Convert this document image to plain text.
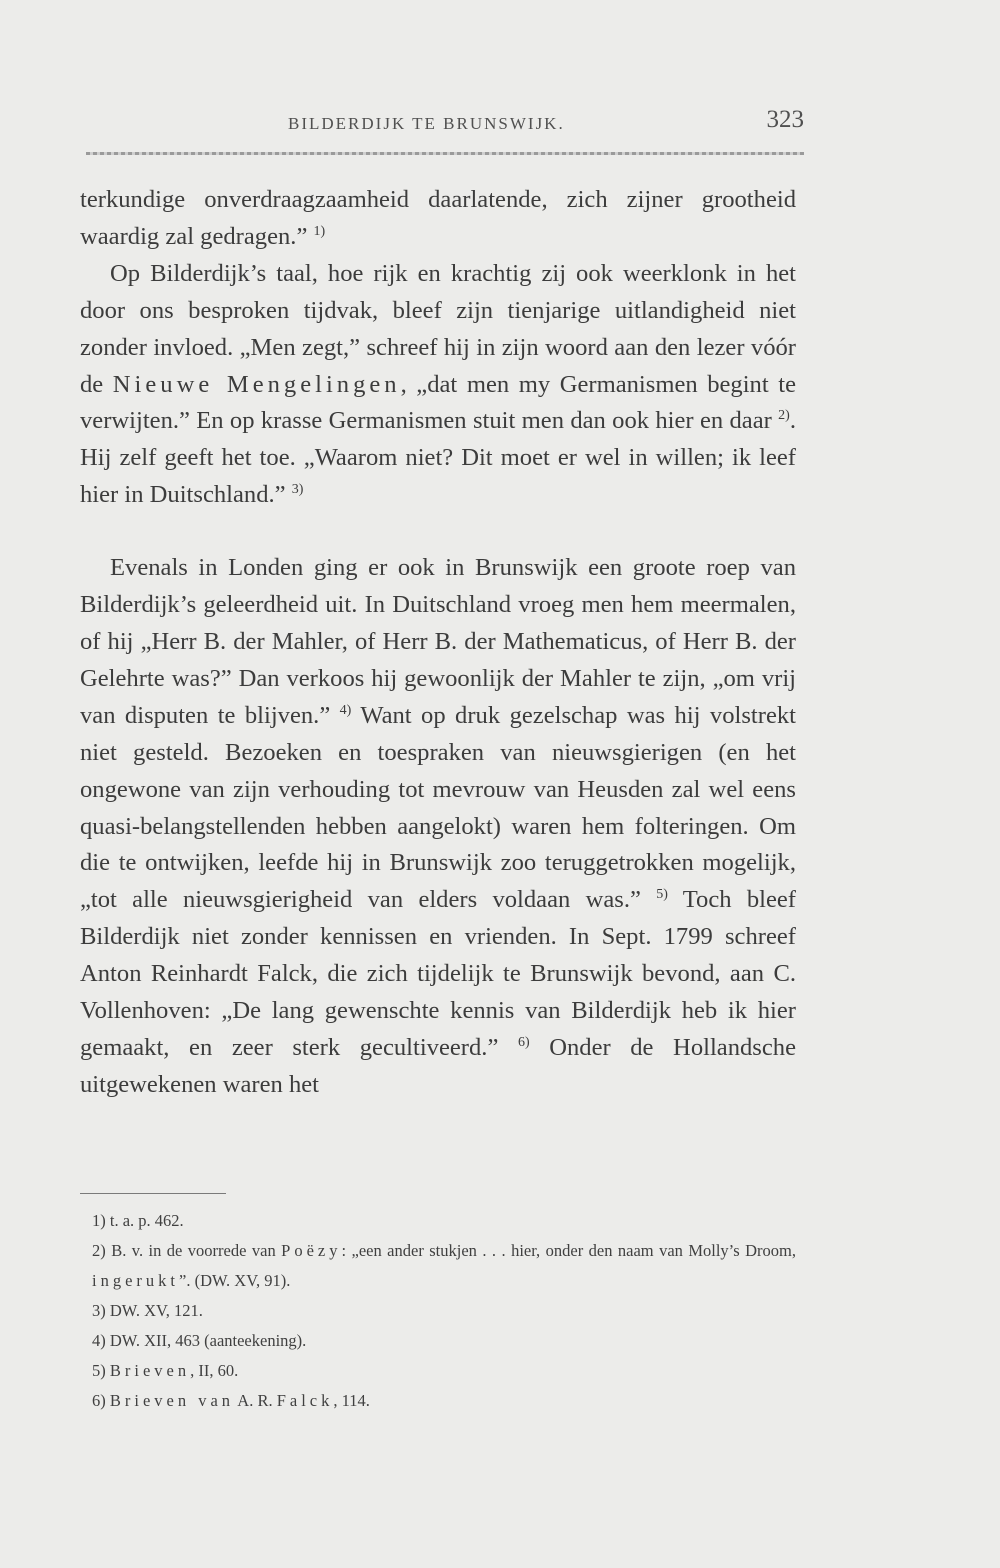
BILDERDIJK TE BRUNSWIJK.	323

terkundige onverdraagzaamheid daarlatende, zich zijner grootheid waardig zal gedragen.” $^{1)}$

Op Bilderdijk’s taal, hoe rijk en krachtig zij ook weerklonk in het door ons besproken tijdvak, bleef zijn tienjarige uitlandigheid niet zonder invloed. „Men zegt,” schreef hij in zijn woord aan den lezer vóór de Nieuwe Mengelingen, „dat men my Germanismen begint te verwijten.” En op krasse Germanismen stuit men dan ook hier en daar $^{2)}$. Hij zelf geeft het toe. „Waarom niet? Dit moet er wel in willen; ik leef hier in Duitschland.” $^{3)}$

Evenals in Londen ging er ook in Brunswijk een groote roep van Bilderdijk’s geleerdheid uit. In Duitschland vroeg men hem meermalen, of hij „Herr B. der Mahler, of Herr B. der Mathematicus, of Herr B. der Gelehrte was?” Dan verkoos hij gewoonlijk der Mahler te zijn, „om vrij van disputen te blijven.” $^{4)}$ Want op druk gezelschap was hij volstrekt niet gesteld. Bezoeken en toespraken van nieuwsgierigen (en het ongewone van zijn verhouding tot mevrouw van Heusden zal wel eens quasi-belangstellenden hebben aangelokt) waren hem folteringen. Om die te ontwijken, leefde hij in Brunswijk zoo teruggetrokken mogelijk, „tot alle nieuwsgierigheid van elders voldaan was.” $^{5)}$ Toch bleef Bilderdijk niet zonder kennissen en vrienden. In Sept. 1799 schreef Anton Reinhardt Falck, die zich tijdelijk te Brunswijk bevond, aan C. Vollenhoven: „De lang gewenschte kennis van Bilderdijk heb ik hier gemaakt, en zeer sterk gecultiveerd.” $^{6)}$ Onder de Hollandsche uitgewekenen waren het

1) t. a. p. 462.

2) B. v. in de voorrede van Poëzy: „een ander stukjen . . . hier, onder den naam van Molly’s Droom, ingerukt”. (DW. XV, 91).

3) DW. XV, 121.

4) DW. XII, 463 (aanteekening).

5) Brieven, II, 60.

6) Brieven van A. R. Falck, 114.
